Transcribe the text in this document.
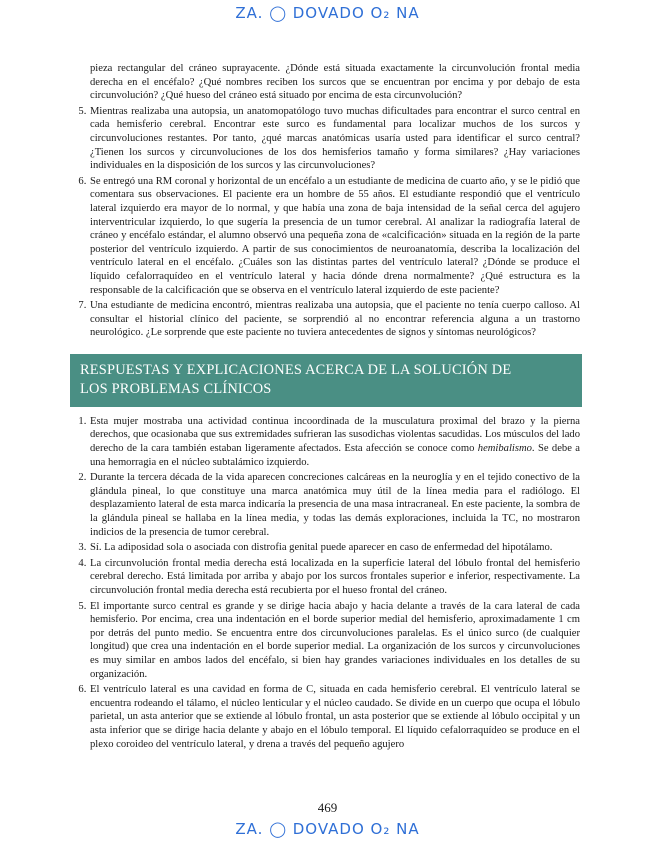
ZA. ◯ DOVADO O₂ NA
pieza rectangular del cráneo suprayacente. ¿Dónde está situada exactamente la circunvolución frontal media derecha en el encéfalo? ¿Qué nombres reciben los surcos que se encuentran por encima y por debajo de esta circunvolución? ¿Qué hueso del cráneo está situado por encima de esta circunvolución?
5. Mientras realizaba una autopsia, un anatomopatólogo tuvo muchas dificultades para encontrar el surco central en cada hemisferio cerebral. Encontrar este surco es fundamental para localizar muchos de los surcos y circunvoluciones restantes. Por tanto, ¿qué marcas anatómicas usaría usted para identificar el surco central? ¿Tienen los surcos y circunvoluciones de los dos hemisferios tamaño y forma similares? ¿Hay variaciones individuales en la disposición de los surcos y las circunvoluciones?
6. Se entregó una RM coronal y horizontal de un encéfalo a un estudiante de medicina de cuarto año, y se le pidió que comentara sus observaciones. El paciente era un hombre de 55 años. El estudiante respondió que el ventrículo lateral izquierdo era mayor de lo normal, y que había una zona de baja intensidad de la señal cerca del agujero interventricular izquierdo, lo que sugería la presencia de un tumor cerebral. Al analizar la radiografía lateral de cráneo y encéfalo estándar, el alumno observó una pequeña zona de «calcificación» situada en la región de la parte posterior del ventrículo izquierdo. A partir de sus conocimientos de neuroanatomía, describa la localización del ventrículo lateral en el encéfalo. ¿Cuáles son las distintas partes del ventrículo lateral? ¿Dónde se produce el líquido cefalorraquídeo en el ventrículo lateral y hacia dónde drena normalmente? ¿Qué estructura es la responsable de la calcificación que se observa en el ventrículo lateral izquierdo de este paciente?
7. Una estudiante de medicina encontró, mientras realizaba una autopsia, que el paciente no tenía cuerpo calloso. Al consultar el historial clínico del paciente, se sorprendió al no encontrar referencia alguna a un trastorno neurológico. ¿Le sorprende que este paciente no tuviera antecedentes de signos y síntomas neurológicos?
RESPUESTAS Y EXPLICACIONES ACERCA DE LA SOLUCIÓN DE
LOS PROBLEMAS CLÍNICOS
1. Esta mujer mostraba una actividad continua incoordinada de la musculatura proximal del brazo y la pierna derechos, que ocasionaba que sus extremidades sufrieran las susodichas violentas sacudidas. Los músculos del lado derecho de la cara también estaban ligeramente afectados. Esta afección se conoce como hemibalismo. Se debe a una hemorragia en el núcleo subtalámico izquierdo.
2. Durante la tercera década de la vida aparecen concreciones calcáreas en la neuroglía y en el tejido conectivo de la glándula pineal, lo que constituye una marca anatómica muy útil de la línea media para el radiólogo. El desplazamiento lateral de esta marca indicaría la presencia de una masa intracraneal. En este paciente, la sombra de la glándula pineal se hallaba en la línea media, y todas las demás exploraciones, incluida la TC, no mostraron indicios de la presencia de tumor cerebral.
3. Sí. La adiposidad sola o asociada con distrofia genital puede aparecer en caso de enfermedad del hipotálamo.
4. La circunvolución frontal media derecha está localizada en la superficie lateral del lóbulo frontal del hemisferio cerebral derecho. Está limitada por arriba y abajo por los surcos frontales superior e inferior, respectivamente. La circunvolución frontal media derecha está recubierta por el hueso frontal del cráneo.
5. El importante surco central es grande y se dirige hacia abajo y hacia delante a través de la cara lateral de cada hemisferio. Por encima, crea una indentación en el borde superior medial del hemisferio, aproximadamente 1 cm por detrás del punto medio. Se encuentra entre dos circunvoluciones paralelas. Es el único surco (de cualquier longitud) que crea una indentación en el borde superior medial. La organización de los surcos y circunvoluciones es muy similar en ambos lados del encéfalo, si bien hay grandes variaciones individuales en los detalles de su organización.
6. El ventrículo lateral es una cavidad en forma de C, situada en cada hemisferio cerebral. El ventrículo lateral se encuentra rodeando el tálamo, el núcleo lenticular y el núcleo caudado. Se divide en un cuerpo que ocupa el lóbulo parietal, un asta anterior que se extiende al lóbulo frontal, un asta posterior que se extiende al lóbulo occipital y un asta inferior que se dirige hacia delante y abajo en el lóbulo temporal. El líquido cefalorraquídeo se produce en el plexo coroideo del ventrículo lateral, y drena a través del pequeño agujero
469
ZA. ◯ DOVADO O₂ NA
